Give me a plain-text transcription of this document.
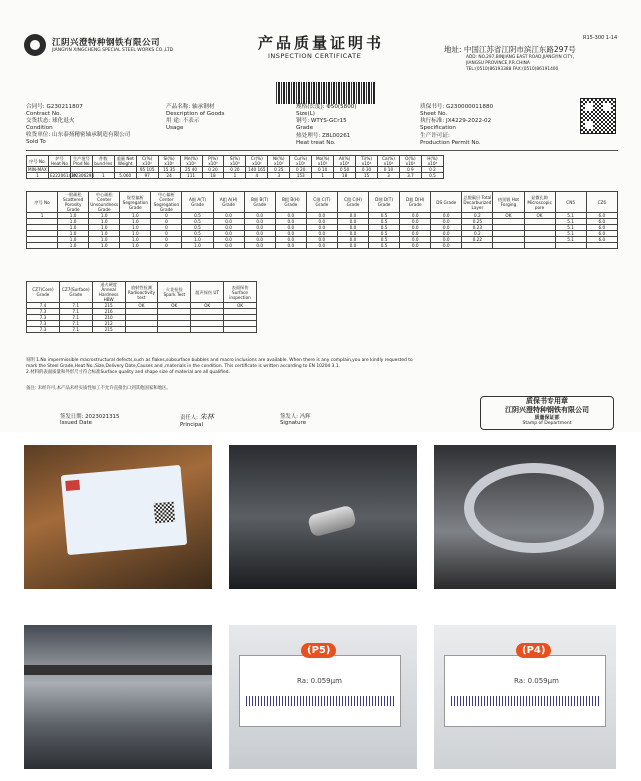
江阴兴澄特种钢铁有限公司
JIANGYIN XINGCHENG SPECIAL STEEL WORKS CO.,LTD	产品质量证明书
INSPECTION CERTIFICATE
R15-300 1-14
地址: 中国江苏省江阴市滨江东路297号
ADD: NO.297,BINJIANG EAST ROAD,JIANGYIN CITY,
JIANGSU PROVINCE,P.R.CHINA
TEL:(0510)86193388 FAX:(0510)86191400
合同号: G230211807
Contract No.
交货状态: 球化退火
Condition
收货单位: 山东泰扬精密轴承制造有限公司
Sold To
产品名称: 轴承钢材
Description of Goods
用 途: 不表示
Usage
规格(长度): Φ50(5800)
Size(L)
钢号: WTYS-GCr15
Grade
热处理号: Z8L00261
Heat treat No.
质保书号: G230000011880
Sheet No.
执行标准: JX4229-2022-02
Specification
生产许可证:
Production Permit No.
序号 No.	炉号 Heat No	生产批号 Prod No	件数 bund-les	重量 Net Weight	C(%) x10²	Si(%) x10²	Mn(%) x10²	P(%) x10³	S(%) x10³	Cr(%) x10²	Ni(%) x10²	Cu(%) x10²	Mo(%) x10²	Al(%) x10³	Ti(%) x10⁴	Ca(%) x10⁴	O(%) x10⁴	H(%) x10⁴
MIN-MAX					95 105	15 35	25 40	0 20	0 20	140 165	0 25	0 20	0 10	0 50	0 30	0 10	0 9	0 2
1	E22206142X	M2306294	1	5.060	97	24	111	18	1	4	3	153	1	18	15	3	3.7	0.5
序号 No	一般疏松 Scattered Porosity Grade	中心疏松 Center Unsoundness Grade	锭型偏析 Segregation Grade	中心偏析 Center Segregation Grade	A细 A(T) Grade	A粗 A(H) Grade	B细 B(T) Grade	B粗 B(H) Grade	C细 C(T) Grade	C粗 C(H) Grade	D细 D(T) Grade	D粗 D(H) Grade	DS Grade	总脱碳层 Total Decarburized Layer	热顶锻 Hot Forging	显微孔隙 Microscopic pore	CN5	CZ6
1	1.0	1.0	1.0	0	0.5	0.0	0.0	0.0	0.0	0.0	0.5	0.0	0.0	0.2	OK	OK	5.1	6.0
	1.0	1.0	1.0	0	0.5	0.0	0.0	0.0	0.0	0.0	0.5	0.0	0.0	0.25			5.1	6.0
	1.0	1.0	1.0	0	0.5	0.0	0.0	0.0	0.0	0.0	0.5	0.0	0.0	0.23			5.1	6.0
	1.0	1.0	1.0	0	0.5	0.0	0.0	0.0	0.0	0.0	0.5	0.0	0.0	0.2			5.1	6.0
	1.0	1.0	1.0	0	1.0	0.0	0.0	0.0	0.0	0.0	0.5	0.0	0.0	0.22			5.1	6.0
	1.0	1.0	1.0	0	1.0	0.0	0.0	0.0	0.0	0.0	0.5	0.0	0.0					
CZ7(Core) Grade	CZ7(Surface) Grade	退火硬度 Anneal Hardness HBW	放射性检测 Radioactivity test	火花检验 Spark Test	超声探伤 UT	表面探伤 Surface inspection
7.4	7.1	215	OK	OK	OK	OK
7.3	7.1	216				
7.3	7.1	210				
7.3	7.1	212				
7.3	7.1	215				
说明 1.No impermissible macrostructural defects,such as flakes,subsurface bubbles and macro inclusions are available. When there is any complain,you are kindly requested to
mark the Steel Grade,Heat No.,Size,Delivery Date,Causes and ,materials in the condition. This certificate is written according to EN 10204 3.1.
2.材料的表面质量和外形尺寸符合标准Surface quality and shape size of material are all qualified.
备注: 未经许可,本产品未经实质性加工不允许直接出口到其他国家和地区。
签发日期: 2023021315
Issued Date
责任人: 朱林
Principal
签发人: 冯辉
Signature
质保书专用章
江阴兴澄特种钢铁有限公司
质量保证部
Stamp of Department
(P5)
Ra: 0.059μm
(P4)
Ra: 0.059μm
